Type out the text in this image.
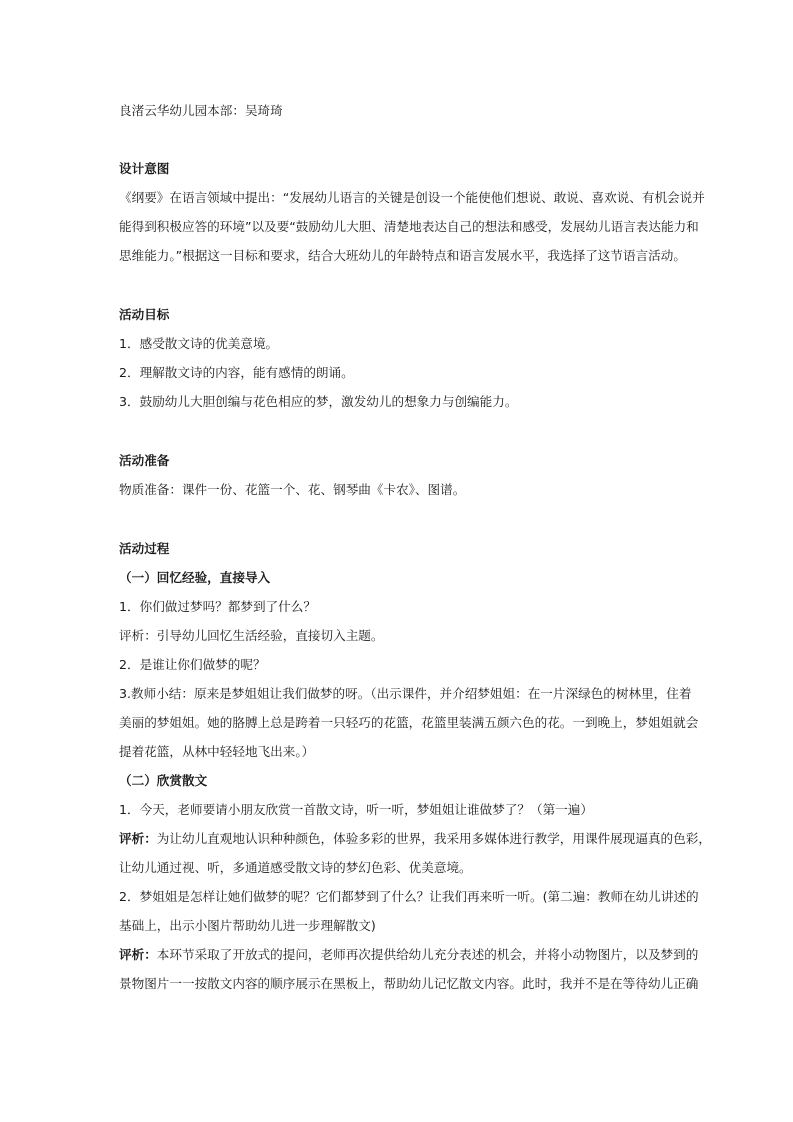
良渚云华幼儿园本部：吴琦琦
设计意图
《纲要》在语言领域中提出：“发展幼儿语言的关键是创设一个能使他们想说、敢说、喜欢说、有机会说并
能得到积极应答的环境”以及要“鼓励幼儿大胆、清楚地表达自己的想法和感受，发展幼儿语言表达能力和
思维能力。”根据这一目标和要求，结合大班幼儿的年龄特点和语言发展水平，我选择了这节语言活动。
活动目标
1．感受散文诗的优美意境。
2．理解散文诗的内容，能有感情的朗诵。
3．鼓励幼儿大胆创编与花色相应的梦，激发幼儿的想象力与创编能力。
活动准备
物质准备：课件一份、花篮一个、花、钢琴曲《卡农》、图谱。
活动过程
（一）回忆经验，直接导入
1．你们做过梦吗？都梦到了什么？
评析：引导幼儿回忆生活经验，直接切入主题。
2．是谁让你们做梦的呢？
3.教师小结：原来是梦姐姐让我们做梦的呀。（出示课件，并介绍梦姐姐：在一片深绿色的树林里，住着
美丽的梦姐姐。她的胳膊上总是跨着一只轻巧的花篮，花篮里装满五颜六色的花。一到晚上，梦姐姐就会
提着花篮，从林中轻轻地飞出来。）
（二）欣赏散文
1．今天，老师要请小朋友欣赏一首散文诗，听一听，梦姐姐让谁做梦了？（第一遍）
评析：为让幼儿直观地认识种种颜色，体验多彩的世界，我采用多媒体进行教学，用课件展现逼真的色彩，
让幼儿通过视、听，多通道感受散文诗的梦幻色彩、优美意境。
2．梦姐姐是怎样让她们做梦的呢？它们都梦到了什么？让我们再来听一听。(第二遍：教师在幼儿讲述的
基础上，出示小图片帮助幼儿进一步理解散文)
评析：本环节采取了开放式的提问，老师再次提供给幼儿充分表述的机会，并将小动物图片，以及梦到的
景物图片一一按散文内容的顺序展示在黑板上，帮助幼儿记忆散文内容。此时，我并不是在等待幼儿正确
